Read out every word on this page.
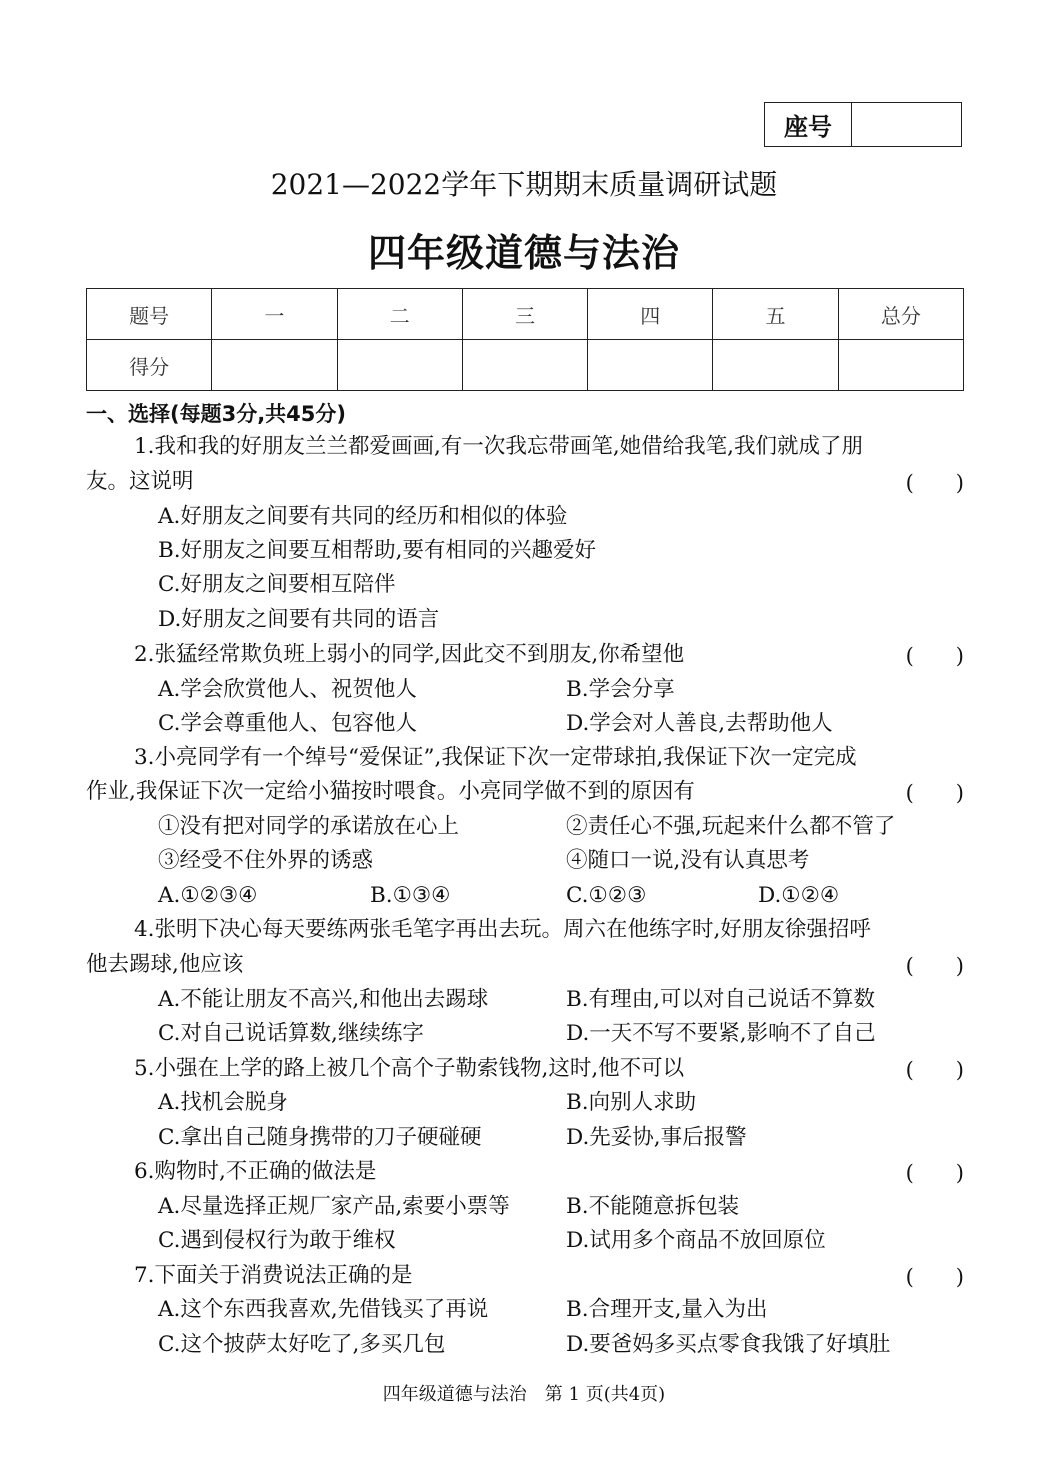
座号
2021—2022学年下期期末质量调研试题
四年级道德与法治
题号	一	二	三	四	五	总分
得分						
一、选择(每题3分,共45分)
1.我和我的好朋友兰兰都爱画画,有一次我忘带画笔,她借给我笔,我们就成了朋
友。这说明	(　　)
A.好朋友之间要有共同的经历和相似的体验
B.好朋友之间要互相帮助,要有相同的兴趣爱好
C.好朋友之间要相互陪伴
D.好朋友之间要有共同的语言
2.张猛经常欺负班上弱小的同学,因此交不到朋友,你希望他	(　　)
A.学会欣赏他人、祝贺他人	B.学会分享
C.学会尊重他人、包容他人	D.学会对人善良,去帮助他人
3.小亮同学有一个绰号“爱保证”,我保证下次一定带球拍,我保证下次一定完成
作业,我保证下次一定给小猫按时喂食。小亮同学做不到的原因有	(　　)
①没有把对同学的承诺放在心上	②责任心不强,玩起来什么都不管了
③经受不住外界的诱惑	④随口一说,没有认真思考
A.①②③④	B.①③④	C.①②③	D.①②④
4.张明下决心每天要练两张毛笔字再出去玩。周六在他练字时,好朋友徐强招呼
他去踢球,他应该	(　　)
A.不能让朋友不高兴,和他出去踢球	B.有理由,可以对自己说话不算数
C.对自己说话算数,继续练字	D.一天不写不要紧,影响不了自己
5.小强在上学的路上被几个高个子勒索钱物,这时,他不可以	(　　)
A.找机会脱身	B.向别人求助
C.拿出自己随身携带的刀子硬碰硬	D.先妥协,事后报警
6.购物时,不正确的做法是	(　　)
A.尽量选择正规厂家产品,索要小票等	B.不能随意拆包装
C.遇到侵权行为敢于维权	D.试用多个商品不放回原位
7.下面关于消费说法正确的是	(　　)
A.这个东西我喜欢,先借钱买了再说	B.合理开支,量入为出
C.这个披萨太好吃了,多买几包	D.要爸妈多买点零食我饿了好填肚
四年级道德与法治　第 1 页(共4页)
